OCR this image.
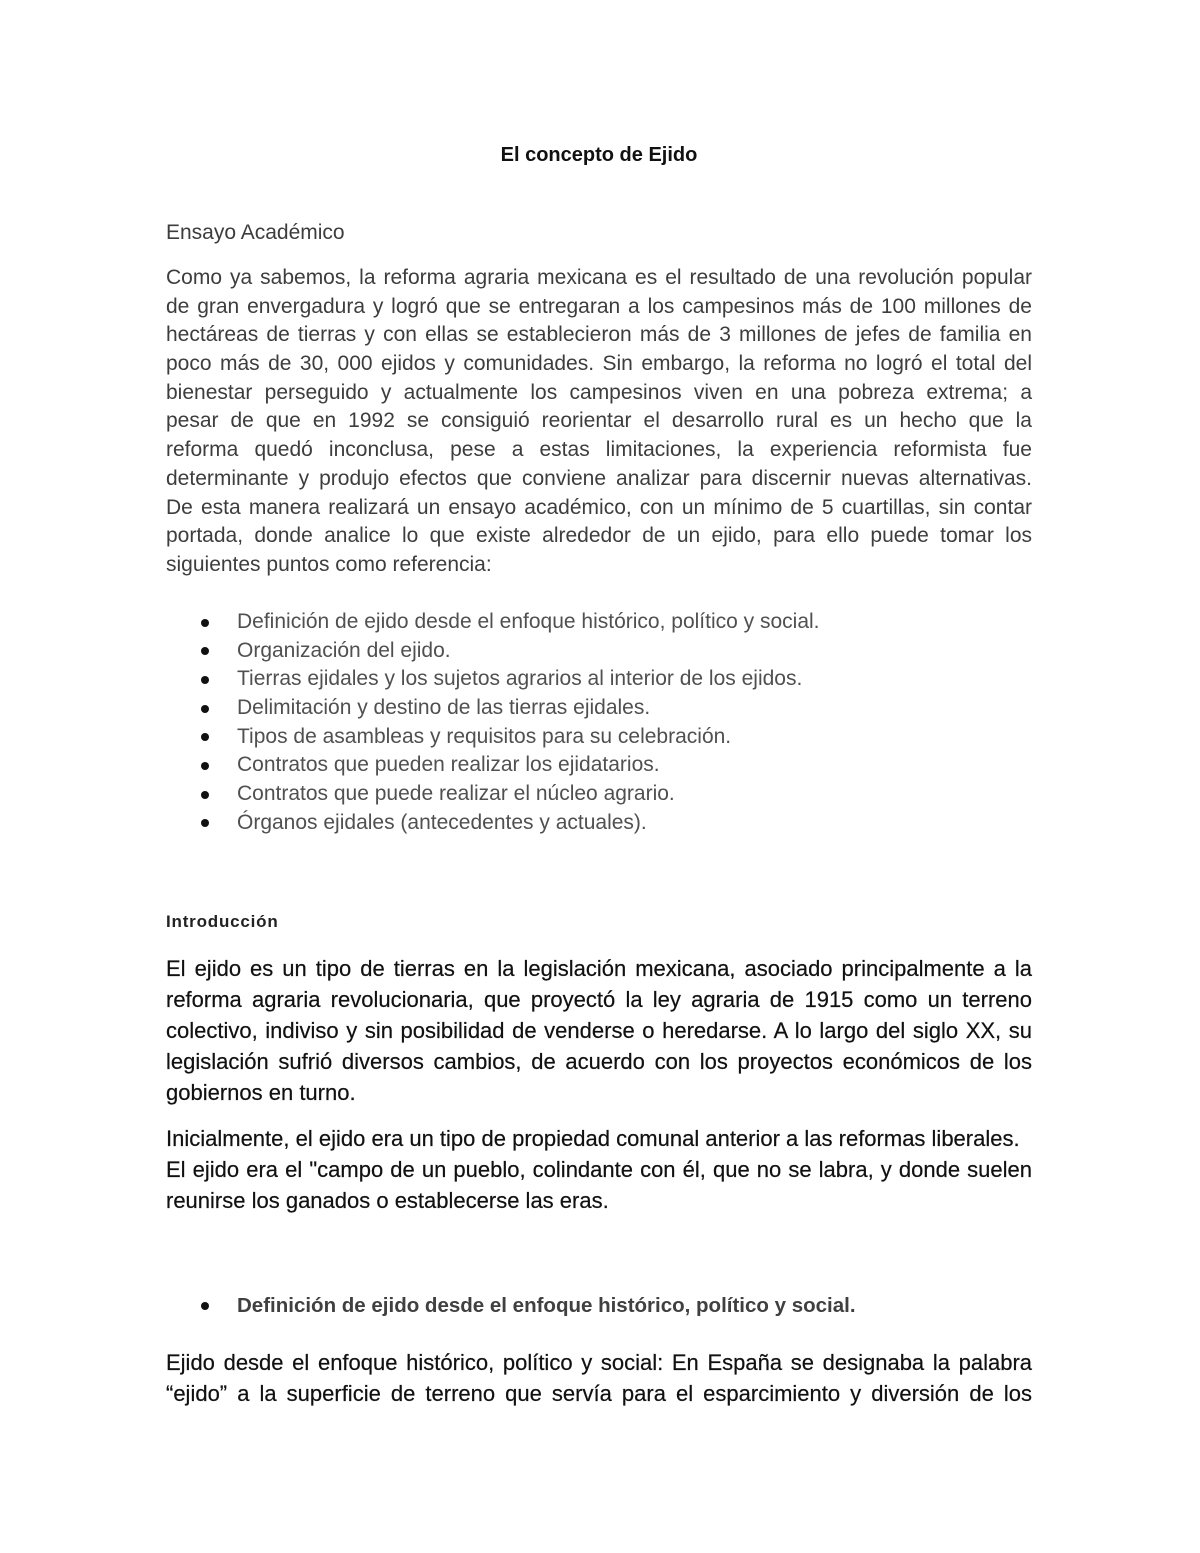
El concepto de Ejido
Ensayo Académico
Como ya sabemos, la reforma agraria mexicana es el resultado de una revolución popular
de gran envergadura y logró que se entregaran a los campesinos más de 100 millones de
hectáreas de tierras y con ellas se establecieron más de 3 millones de jefes de familia en
poco más de 30, 000 ejidos y comunidades. Sin embargo, la reforma no logró el total del
bienestar perseguido y actualmente los campesinos viven en una pobreza extrema; a
pesar de que en 1992 se consiguió reorientar el desarrollo rural es un hecho que la
reforma quedó inconclusa, pese a estas limitaciones, la experiencia reformista fue
determinante y produjo efectos que conviene analizar para discernir nuevas alternativas.
De esta manera realizará un ensayo académico, con un mínimo de 5 cuartillas, sin contar
portada, donde analice lo que existe alrededor de un ejido, para ello puede tomar los
siguientes puntos como referencia:
Definición de ejido desde el enfoque histórico, político y social.
Organización del ejido.
Tierras ejidales y los sujetos agrarios al interior de los ejidos.
Delimitación y destino de las tierras ejidales.
Tipos de asambleas y requisitos para su celebración.
Contratos que pueden realizar los ejidatarios.
Contratos que puede realizar el núcleo agrario.
Órganos ejidales (antecedentes y actuales).
Introducción
El ejido es un tipo de tierras en la legislación mexicana, asociado principalmente a la
reforma agraria revolucionaria, que proyectó la ley agraria de 1915 como un terreno
colectivo, indiviso y sin posibilidad de venderse o heredarse. A lo largo del siglo XX, su
legislación sufrió diversos cambios, de acuerdo con los proyectos económicos de los
gobiernos en turno.
Inicialmente, el ejido era un tipo de propiedad comunal anterior a las reformas liberales.
El ejido era el "campo de un pueblo, colindante con él, que no se labra, y donde suelen
reunirse los ganados o establecerse las eras.
Definición de ejido desde el enfoque histórico, político y social.
Ejido desde el enfoque histórico, político y social: En España se designaba la palabra
“ejido” a la superficie de terreno que servía para el esparcimiento y diversión de los
